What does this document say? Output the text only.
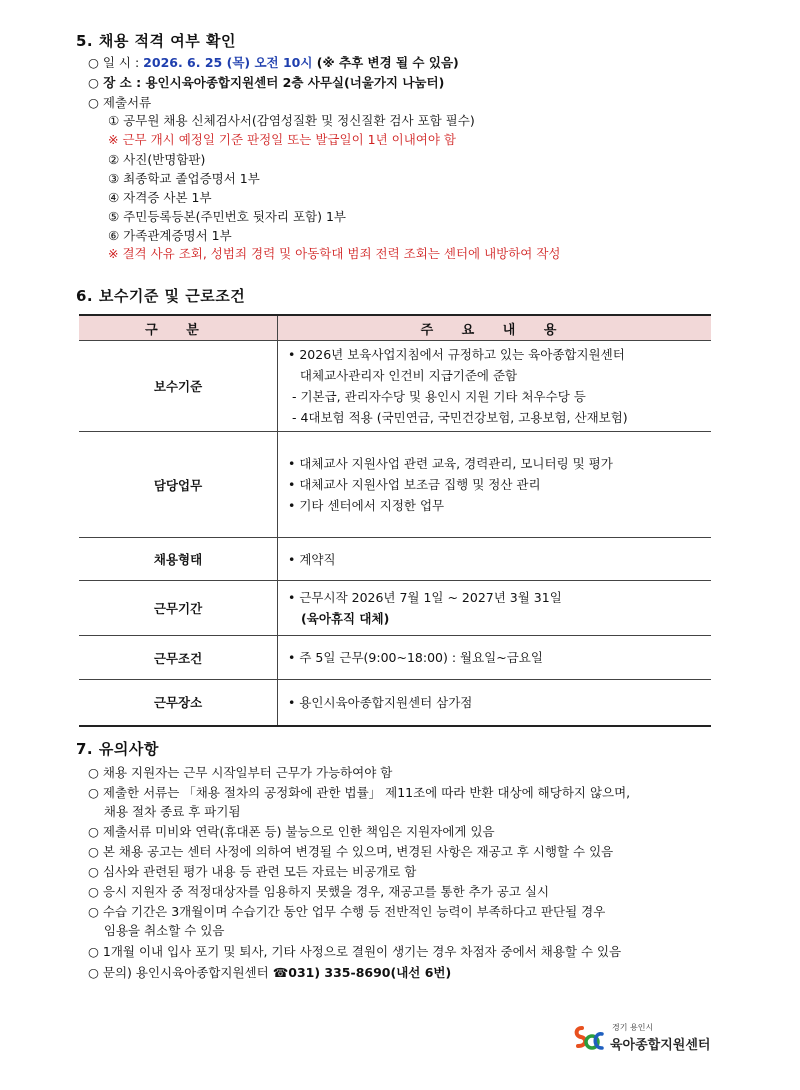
5. 채용 적격 여부 확인
○ 일 시 : 2026. 6. 25 (목) 오전 10시 (※ 추후 변경 될 수 있음)
○ 장 소 : 용인시육아종합지원센터 2층 사무실(너울가지 나눔터)
○ 제출서류
① 공무원 채용 신체검사서(감염성질환 및 정신질환 검사 포함 필수)
※ 근무 개시 예정일 기준 판정일 또는 발급일이 1년 이내여야 함
② 사진(반명함판)
③ 최종학교 졸업증명서 1부
④ 자격증 사본 1부
⑤ 주민등록등본(주민번호 뒷자리 포함) 1부
⑥ 가족관계증명서 1부
※ 결격 사유 조회, 성범죄 경력 및 아동학대 범죄 전력 조회는 센터에 내방하여 작성
6. 보수기준 및 근로조건
구 분	주 요 내 용
보수기준	• 2026년 보육사업지침에서 규정하고 있는 육아종합지원센터
대체교사관리자 인건비 지급기준에 준함
- 기본급, 관리자수당 및 용인시 지원 기타 처우수당 등
- 4대보험 적용 (국민연금, 국민건강보험, 고용보험, 산재보험)

담당업무	• 대체교사 지원사업 관련 교육, 경력관리, 모니터링 및 평가
• 대체교사 지원사업 보조금 집행 및 정산 관리
• 기타 센터에서 지정한 업무

채용형태	• 계약직

근무기간	• 근무시작 2026년 7월 1일 ~ 2027년 3월 31일
(육아휴직 대체)

근무조건	• 주 5일 근무(9:00~18:00) : 월요일~금요일

근무장소	• 용인시육아종합지원센터 삼가점
7. 유의사항
○ 채용 지원자는 근무 시작일부터 근무가 가능하여야 함
○ 제출한 서류는 「채용 절차의 공정화에 관한 법률」 제11조에 따라 반환 대상에 해당하지 않으며,
채용 절차 종료 후 파기됨
○ 제출서류 미비와 연락(휴대폰 등) 불능으로 인한 책임은 지원자에게 있음
○ 본 채용 공고는 센터 사정에 의하여 변경될 수 있으며, 변경된 사항은 재공고 후 시행할 수 있음
○ 심사와 관련된 평가 내용 등 관련 모든 자료는 비공개로 함
○ 응시 지원자 중 적정대상자를 임용하지 못했을 경우, 재공고를 통한 추가 공고 실시
○ 수습 기간은 3개월이며 수습기간 동안 업무 수행 등 전반적인 능력이 부족하다고 판단될 경우
임용을 취소할 수 있음
○ 1개월 이내 입사 포기 및 퇴사, 기타 사정으로 결원이 생기는 경우 차점자 중에서 채용할 수 있음
○ 문의) 용인시육아종합지원센터 ☎031) 335-8690(내선 6번)
경기 용인시
육아종합지원센터
